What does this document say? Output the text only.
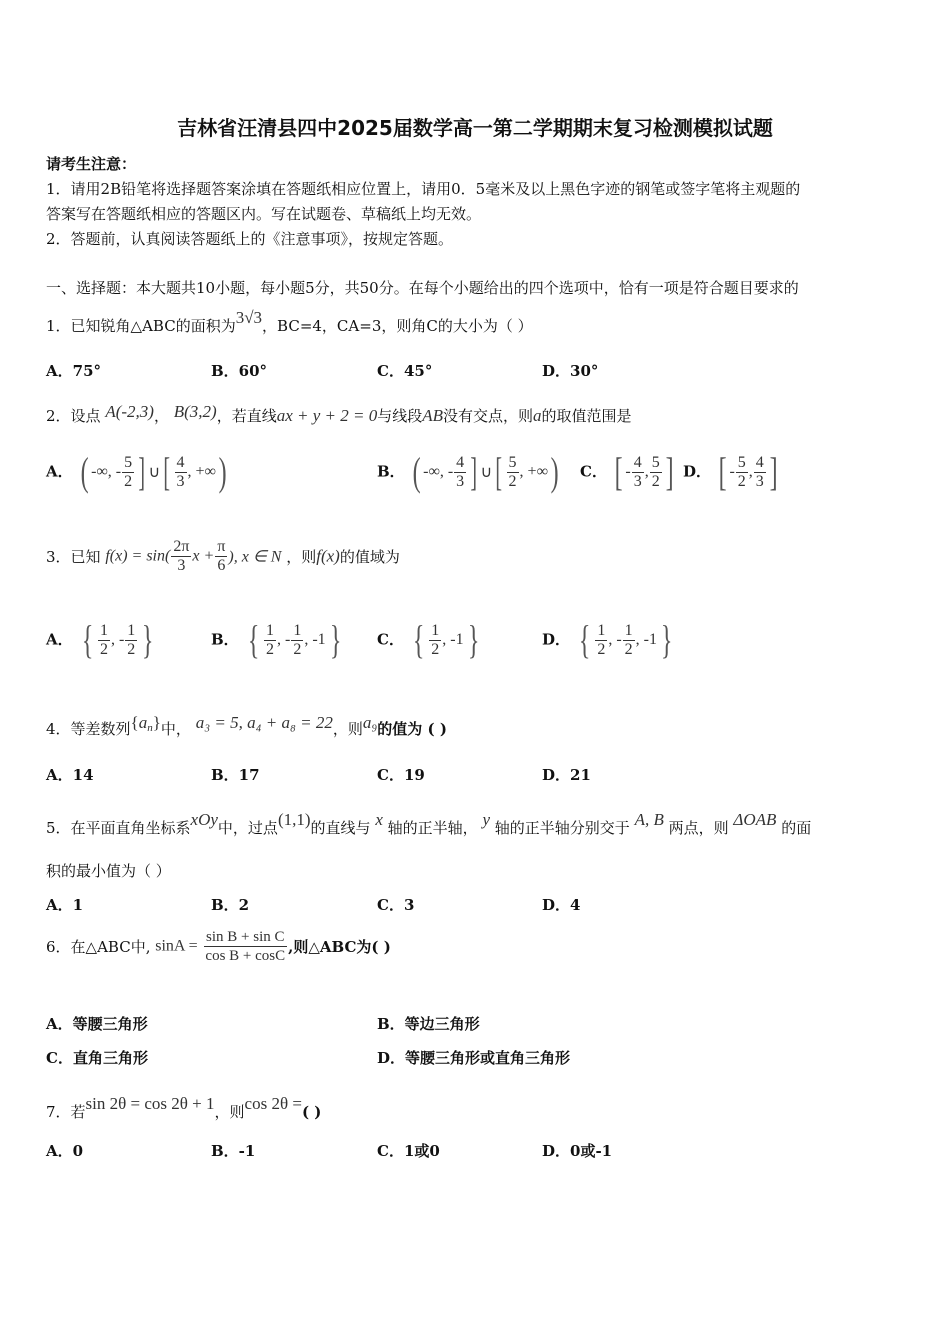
吉林省汪清县四中2025届数学高一第二学期期末复习检测模拟试题
请考生注意：
1．请用2B铅笔将选择题答案涂填在答题纸相应位置上，请用0．5毫米及以上黑色字迹的钢笔或签字笔将主观题的
答案写在答题纸相应的答题区内。写在试题卷、草稿纸上均无效。
2．答题前，认真阅读答题纸上的《注意事项》，按规定答题。
一、选择题：本大题共10小题，每小题5分，共50分。在每个小题给出的四个选项中，恰有一项是符合题目要求的
1．已知锐角△ABC的面积为3√3，BC=4，CA=3，则角C的大小为（ ）
A．75°	B．60°	C．45°	D．30°
2．设点 A(-2,3)， B(3,2)，若直线ax + y + 2 = 0与线段AB没有交点，则a的取值范围是
A． ( -∞, - $\frac{5}{2}$ ] ∪[ $\frac{4}{3}$ , +∞)	B． ( -∞, - $\frac{4}{3}$ ] ∪[ $\frac{5}{2}$ , +∞) C． [ - $\frac{4}{3}$ , $\frac{5}{2}$ ] D． [ - $\frac{5}{2}$ , $\frac{4}{3}$ ]
3．已知 $f(x) = \sin( \frac{2\pi}{3}$ $x + \frac{\pi}{6}$ ), x ∈ N ，则f(x)的值域为
A． { $\frac{1}{2}$ , - $\frac{1}{2}$ }	B． { $\frac{1}{2}$ , - $\frac{1}{2}$ , -1} C． { $\frac{1}{2}$ , -1}	D． { $\frac{1}{2}$ , - $\frac{1}{2}$ , -1}
4．等差数列$\{a_n\}$中， a₃ = 5, a₄ + a₈ = 22，则a₉的值为 ( )
A．14	B．17	C．19	D．21
5．在平面直角坐标系xOy中，过点(1,1)的直线与 x 轴的正半轴， y 轴的正半轴分别交于 A, B 两点，则 ΔOAB 的面
积的最小值为（ ）
A．1	B．2	C．3	D．4
6．在△ABC中, $\sin A = \frac{\text{sin B + sin C}}{\text{cos B + cosC}}$ ,则△ABC为( )
A．等腰三角形	B．等边三角形
C．直角三角形	D．等腰三角形或直角三角形
7．若sin 2θ = cos 2θ + 1，则cos 2θ =( )
A．0	B．-1	C．1或0	D．0或-1
